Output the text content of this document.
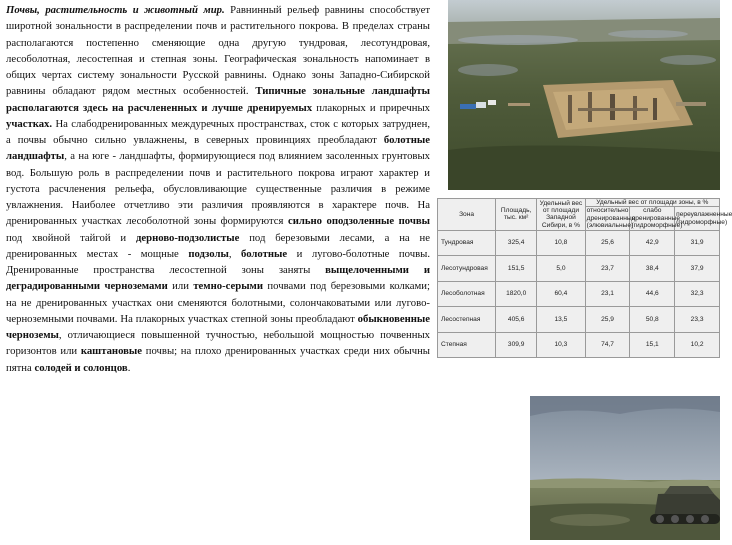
Почвы, растительность и животный мир. Равнинный рельеф равнины способствует широтной зональности в распределении почв и растительного покрова. В пределах страны располагаются постепенно сменяющие одна другую тундровая, лесотундровая, лесоболотная, лесостепная и степная зоны. Географическая зональность напоминает в общих чертах систему зональности Русской равнины. Однако зоны Западно-Сибирской равнины обладают рядом местных особенностей. Типичные зональные ландшафты располагаются здесь на расчлененных и лучше дренируемых плакорных и приречных участках. На слабодренированных междуречных пространствах, сток с которых затруднен, а почвы обычно сильно увлажнены, в северных провинциях преобладают болотные ландшафты, а на юге - ландшафты, формирующиеся под влиянием засоленных грунтовых вод. Большую роль в распределении почв и растительного покрова играют характер и густота расчленения рельефа, обусловливающие существенные различия в режиме увлажнения. Наиболее отчетливо эти различия проявляются в характере почв. На дренированных участках лесоболотной зоны формируются сильно оподзоленные почвы под хвойной тайгой и дерново-подзолистые под березовыми лесами, а на не дренированных местах - мощные подзолы, болотные и лугово-болотные почвы. Дренированные пространства лесостепной зоны заняты выщелоченными и деградированными черноземами или темно-серыми почвами под березовыми колками; на не дренированных участках они сменяются болотными, солончаковатыми или лугово-черноземными почвами. На плакорных участках степной зоны преобладают обыкновенные черноземы, отличающиеся повышенной тучностью, небольшой мощностью почвенных горизонтов или каштановые почвы; на плохо дренированных участках среди них обычны пятна солодей и солонцов.

Зона	Площадь, тыс. км²	Удельный вес от площади Западной Сибири, в %	Удельный вес от площади зоны, в %		
			относительно дренированные (элювиальные)	слабо дренированные (гидроморфные)	переувлажненные (гидроморфные)
Тундровая	325,4	10,8	25,6	42,9	31,9
Лесотундровая	151,5	5,0	23,7	38,4	37,9
Лесоболотная	1820,0	60,4	23,1	44,6	32,3
Лесостепная	405,6	13,5	25,9	50,8	23,3
Степная	309,9	10,3	74,7	15,1	10,2
